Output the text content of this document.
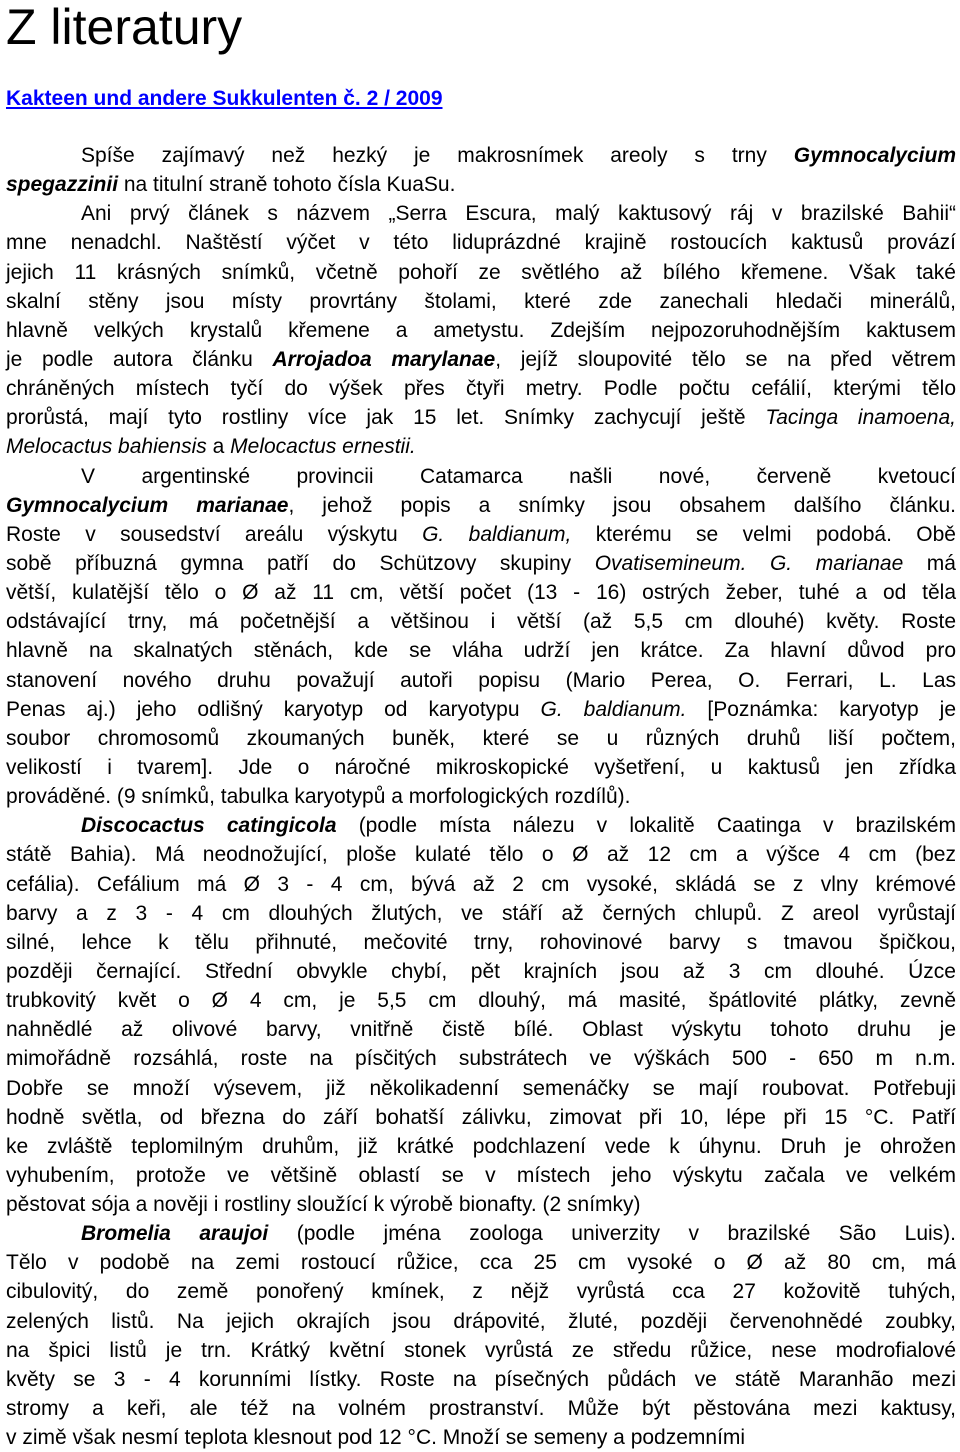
Z literatury
Kakteen und andere Sukkulenten č. 2 / 2009
Spíše zajímavý než hezký je makrosnímek areoly s trny Gymnocalycium
spegazzinii na titulní straně tohoto čísla KuaSu.
Ani prvý článek s názvem „Serra Escura, malý kaktusový ráj v brazilské Bahii“
mne nenadchl. Naštěstí výčet v této liduprázdné krajině rostoucích kaktusů provází
jejich 11 krásných snímků, včetně pohoří ze světlého až bílého křemene. Však také
skalní stěny jsou místy provrtány štolami, které zde zanechali hledači minerálů,
hlavně velkých krystalů křemene a ametystu. Zdejším nejpozoruhodnějším kaktusem
je podle autora článku Arrojadoa marylanae, jejíž sloupovité tělo se na před větrem
chráněných místech tyčí do výšek přes čtyři metry. Podle počtu cefálií, kterými tělo
prorůstá, mají tyto rostliny více jak 15 let. Snímky zachycují ještě Tacinga inamoena,
Melocactus bahiensis a Melocactus ernestii.
V argentinské provincii Catamarca našli nové, červeně kvetoucí
Gymnocalycium marianae, jehož popis a snímky jsou obsahem dalšího článku.
Roste v sousedství areálu výskytu G. baldianum, kterému se velmi podobá. Obě
sobě příbuzná gymna patří do Schützovy skupiny Ovatisemineum. G. marianae má
větší, kulatější tělo o Ø až 11 cm, větší počet (13 - 16) ostrých žeber, tuhé a od těla
odstávající trny, má početnější a většinou i větší (až 5,5 cm dlouhé) květy. Roste
hlavně na skalnatých stěnách, kde se vláha udrží jen krátce. Za hlavní důvod pro
stanovení nového druhu považují autoři popisu (Mario Perea, O. Ferrari, L. Las
Penas aj.) jeho odlišný karyotyp od karyotypu G. baldianum. [Poznámka: karyotyp je
soubor chromosomů zkoumaných buněk, které se u různých druhů liší počtem,
velikostí i tvarem]. Jde o náročné mikroskopické vyšetření, u kaktusů jen zřídka
prováděné. (9 snímků, tabulka karyotypů a morfologických rozdílů).
Discocactus catingicola (podle místa nálezu v lokalitě Caatinga v brazilském
státě Bahia). Má neodnožující, ploše kulaté tělo o Ø až 12 cm a výšce 4 cm (bez
cefália). Cefálium má Ø 3 - 4 cm, bývá až 2 cm vysoké, skládá se z vlny krémové
barvy a z 3 - 4 cm dlouhých žlutých, ve stáří až černých chlupů. Z areol vyrůstají
silné, lehce k tělu přihnuté, mečovité trny, rohovinové barvy s tmavou špičkou,
později černající. Střední obvykle chybí, pět krajních jsou až 3 cm dlouhé. Úzce
trubkovitý květ o Ø 4 cm, je 5,5 cm dlouhý, má masité, špátlovité plátky, zevně
nahnědlé až olivové barvy, vnitřně čistě bílé. Oblast výskytu tohoto druhu je
mimořádně rozsáhlá, roste na písčitých substrátech ve výškách 500 - 650 m n.m.
Dobře se množí výsevem, již několikadenní semenáčky se mají roubovat. Potřebuji
hodně světla, od března do září bohatší zálivku, zimovat při 10, lépe při 15 °C. Patří
ke zvláště teplomilným druhům, již krátké podchlazení vede k úhynu. Druh je ohrožen
vyhubením, protože ve většině oblastí se v místech jeho výskytu začala ve velkém
pěstovat sója a nověji i rostliny sloužící k výrobě bionafty. (2 snímky)
Bromelia araujoi (podle jména zoologa univerzity v brazilské São Luis).
Tělo v podobě na zemi rostoucí růžice, cca 25 cm vysoké o Ø až 80 cm, má
cibulovitý, do země ponořený kmínek, z nějž vyrůstá cca 27 kožovitě tuhých,
zelených listů. Na jejich okrajích jsou drápovité, žluté, později červenohnědé zoubky,
na špici listů je trn. Krátký květní stonek vyrůstá ze středu růžice, nese modrofialové
květy se 3 - 4 korunními lístky. Roste na písečných půdách ve státě Maranhão mezi
stromy a keři, ale též na volném prostranství. Může být pěstována mezi kaktusy,
v zimě však nesmí teplota klesnout pod 12 °C. Množí se semeny a podzemními
